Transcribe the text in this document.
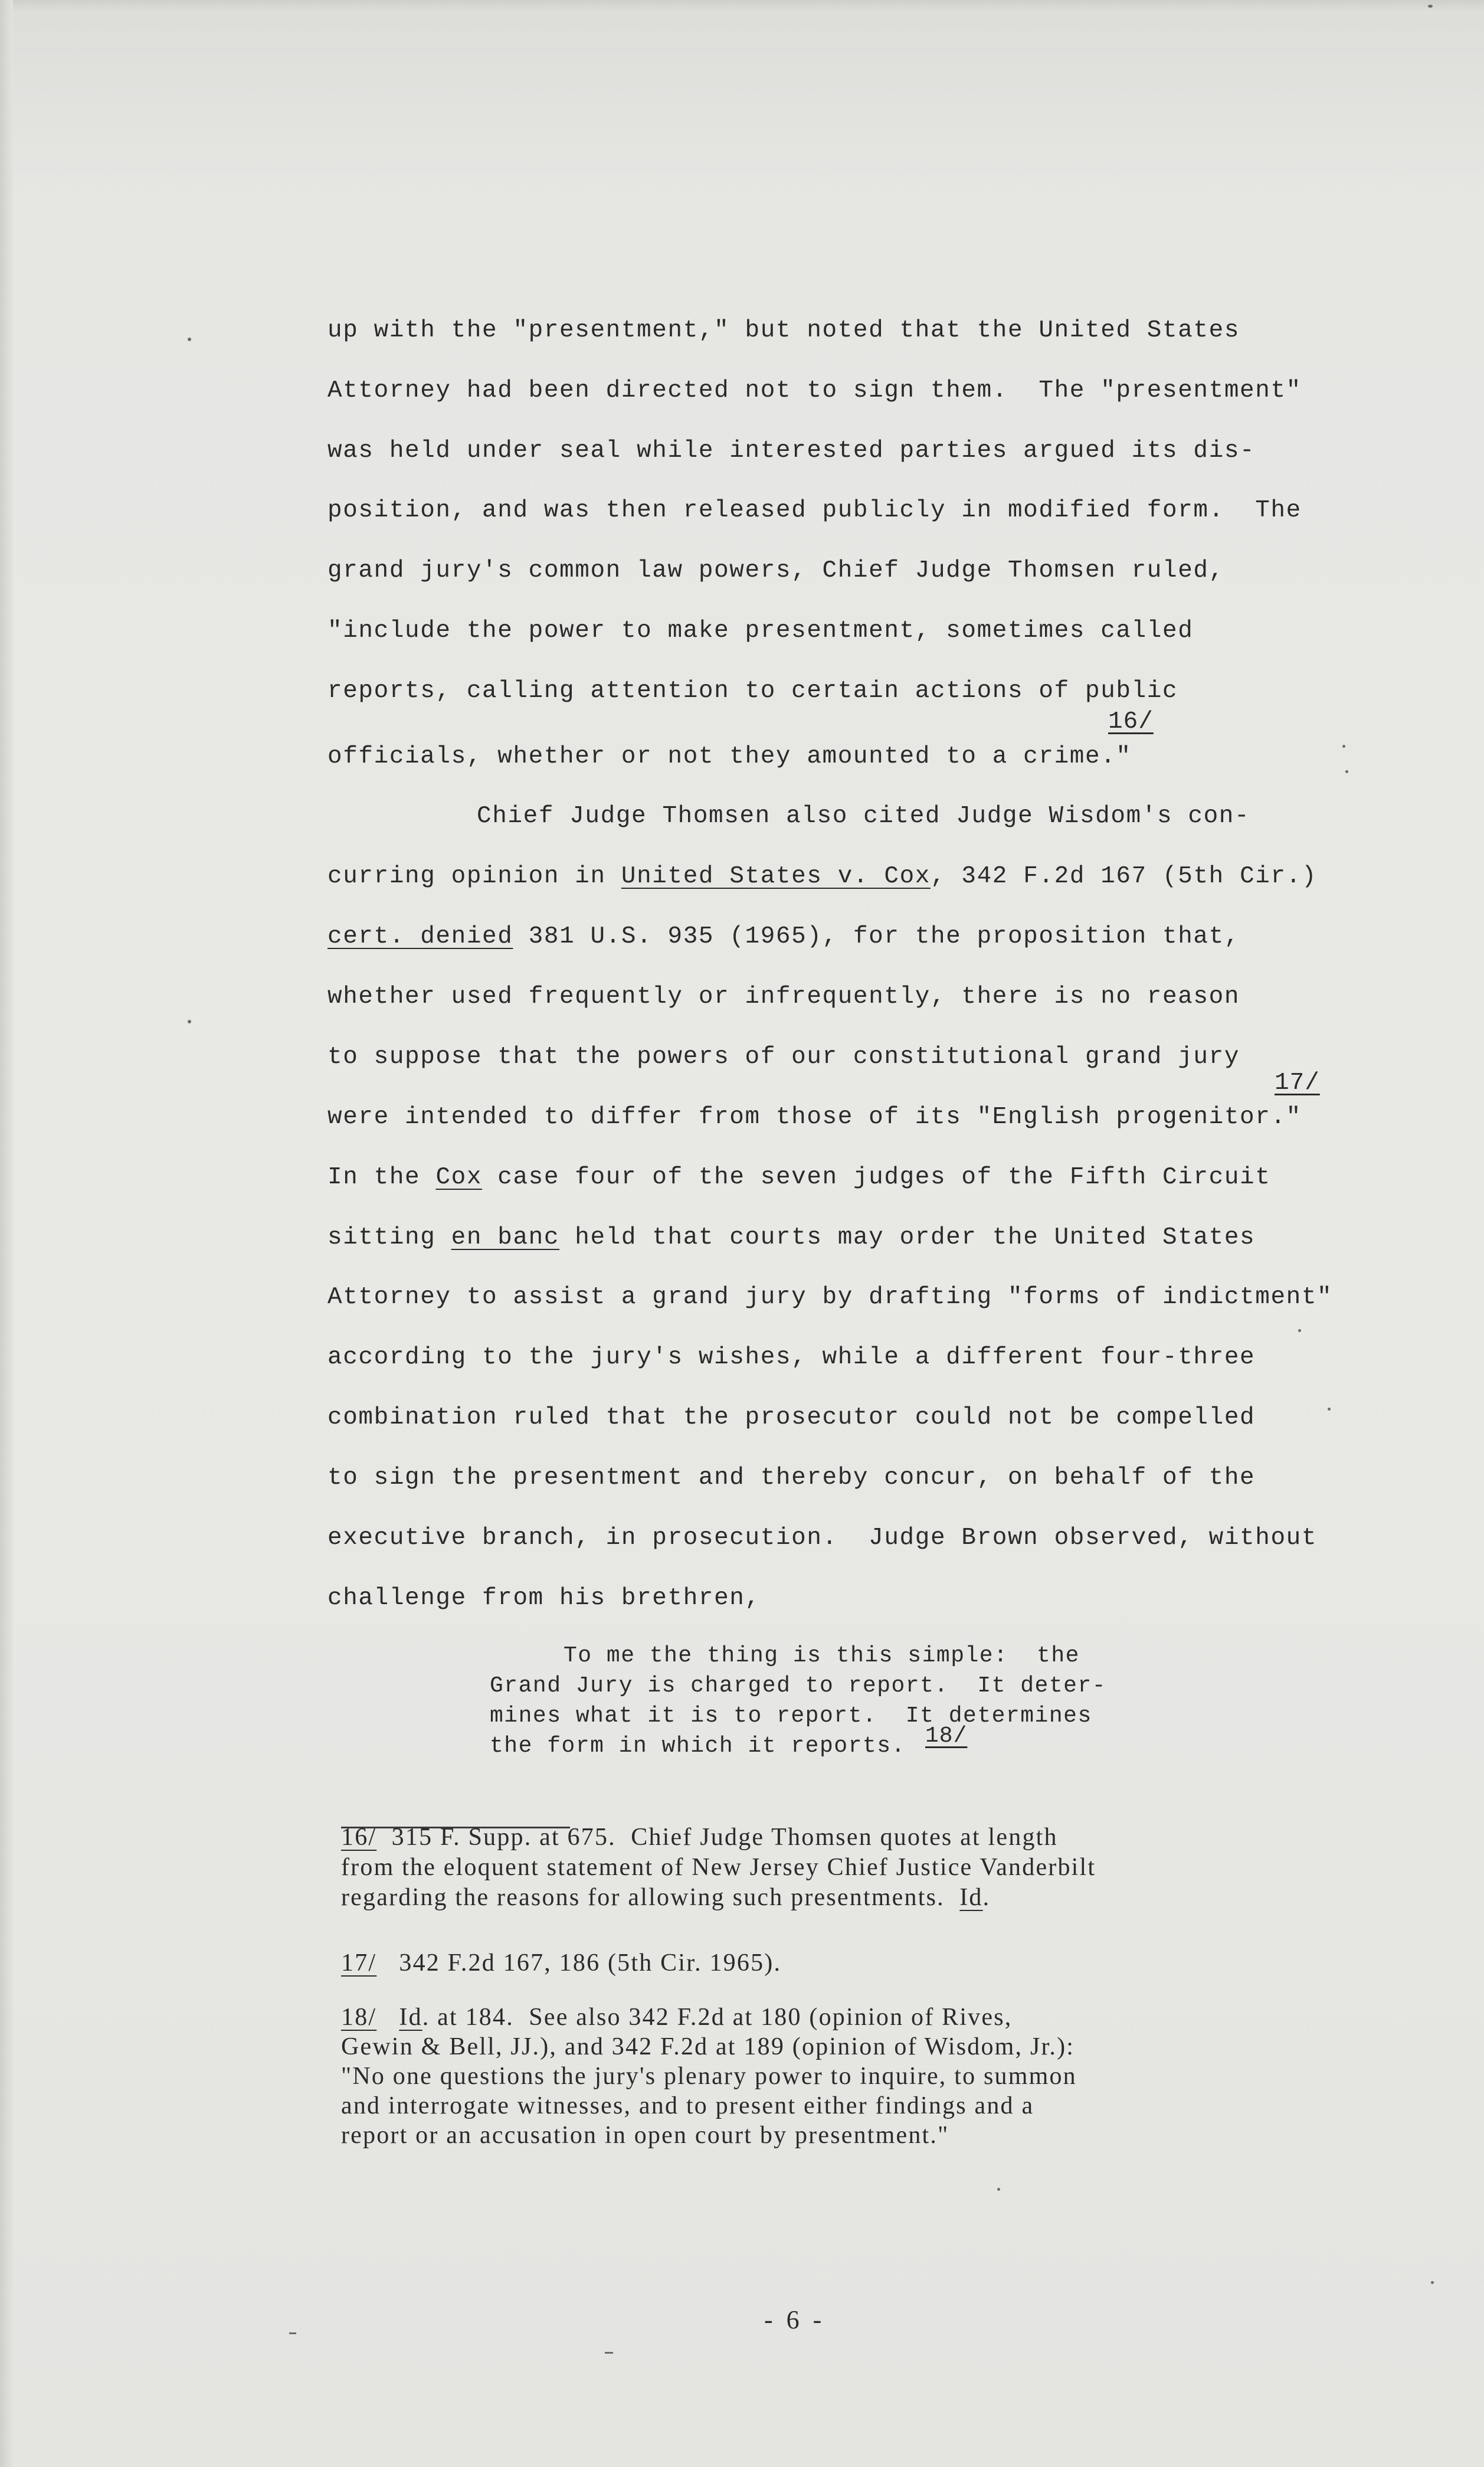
up with the "presentment," but noted that the United States
Attorney had been directed not to sign them.  The "presentment"
was held under seal while interested parties argued its dis-
position, and was then released publicly in modified form.  The
grand jury's common law powers, Chief Judge Thomsen ruled,
"include the power to make presentment, sometimes called
reports, calling attention to certain actions of public
16/
officials, whether or not they amounted to a crime."
Chief Judge Thomsen also cited Judge Wisdom's con-
curring opinion in United States v. Cox, 342 F.2d 167 (5th Cir.)
cert. denied 381 U.S. 935 (1965), for the proposition that,
whether used frequently or infrequently, there is no reason
to suppose that the powers of our constitutional grand jury
17/
were intended to differ from those of its "English progenitor."
In the Cox case four of the seven judges of the Fifth Circuit
sitting en banc held that courts may order the United States
Attorney to assist a grand jury by drafting "forms of indictment"
according to the jury's wishes, while a different four-three
combination ruled that the prosecutor could not be compelled
to sign the presentment and thereby concur, on behalf of the
executive branch, in prosecution.  Judge Brown observed, without
challenge from his brethren,
To me the thing is this simple:  the
Grand Jury is charged to report.  It deter-
mines what it is to report.  It determines
the form in which it reports. 18/
16/  315 F. Supp. at 675.  Chief Judge Thomsen quotes at length
from the eloquent statement of New Jersey Chief Justice Vanderbilt
regarding the reasons for allowing such presentments.  Id.
17/   342 F.2d 167, 186 (5th Cir. 1965).
18/ Id. at 184.  See also 342 F.2d at 180 (opinion of Rives,
Gewin & Bell, JJ.), and 342 F.2d at 189 (opinion of Wisdom, Jr.):
"No one questions the jury's plenary power to inquire, to summon
and interrogate witnesses, and to present either findings and a
report or an accusation in open court by presentment."
- 6 -
